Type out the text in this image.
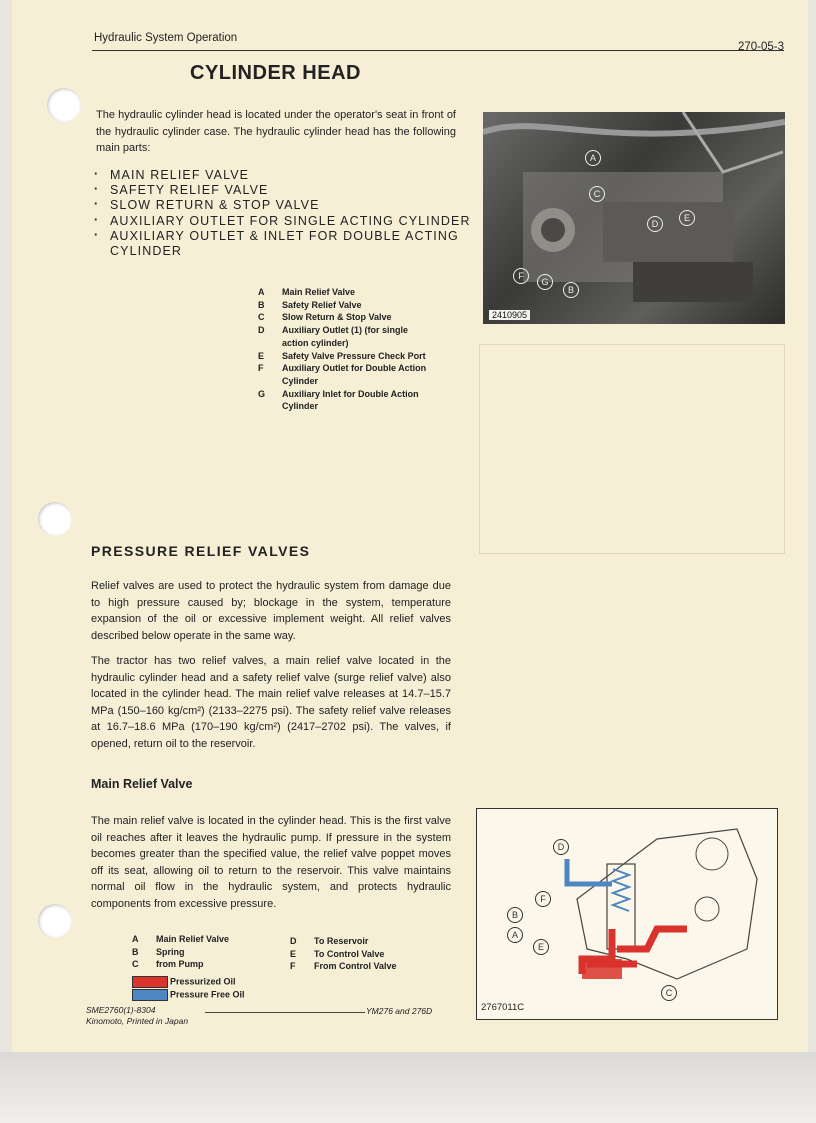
Hydraulic System Operation
270-05-3
CYLINDER HEAD
The hydraulic cylinder head is located under the operator's seat in front of the hydraulic cylinder case. The hydraulic cylinder head has the following main parts:
· MAIN RELIEF VALVE
· SAFETY RELIEF VALVE
· SLOW RETURN & STOP VALVE
· AUXILIARY OUTLET FOR SINGLE ACTING CYLINDER
· AUXILIARY OUTLET & INLET FOR DOUBLE ACTING CYLINDER
A	Main Relief Valve
B	Safety Relief Valve
C	Slow Return & Stop Valve
D	Auxiliary Outlet (1) (for single action cylinder)
E	Safety Valve Pressure Check Port
F	Auxiliary Outlet for Double Action Cylinder
G	Auxiliary Inlet for Double Action Cylinder
A
C
D
E
F
G
B
2410905
PRESSURE RELIEF VALVES
Relief valves are used to protect the hydraulic system from damage due to high pressure caused by; blockage in the system, temperature expansion of the oil or excessive implement weight. All relief valves described below operate in the same way.
The tractor has two relief valves, a main relief valve located in the hydraulic cylinder head and a safety relief valve (surge relief valve) also located in the cylinder head. The main relief valve releases at 14.7–15.7 MPa (150–160 kg/cm²) (2133–2275 psi). The safety relief valve releases at 16.7–18.6 MPa (170–190 kg/cm²) (2417–2702 psi). The valves, if opened, return oil to the reservoir.
Main Relief Valve
The main relief valve is located in the cylinder head. This is the first valve oil reaches after it leaves the hydraulic pump. If pressure in the system becomes greater than the specified value, the relief valve poppet moves off its seat, allowing oil to return to the reservoir. This valve maintains normal oil flow in the hydraulic system, and protects hydraulic components from excessive pressure.
A	Main Relief Valve
B	Spring
C	from Pump
D	To Reservoir
E	To Control Valve
F	From Control Valve
Pressurized Oil
Pressure Free Oil
D
F
B
A
E
C
2767011C
SME2760(1)-8304
Kinomoto, Printed in Japan
YM276 and 276D
